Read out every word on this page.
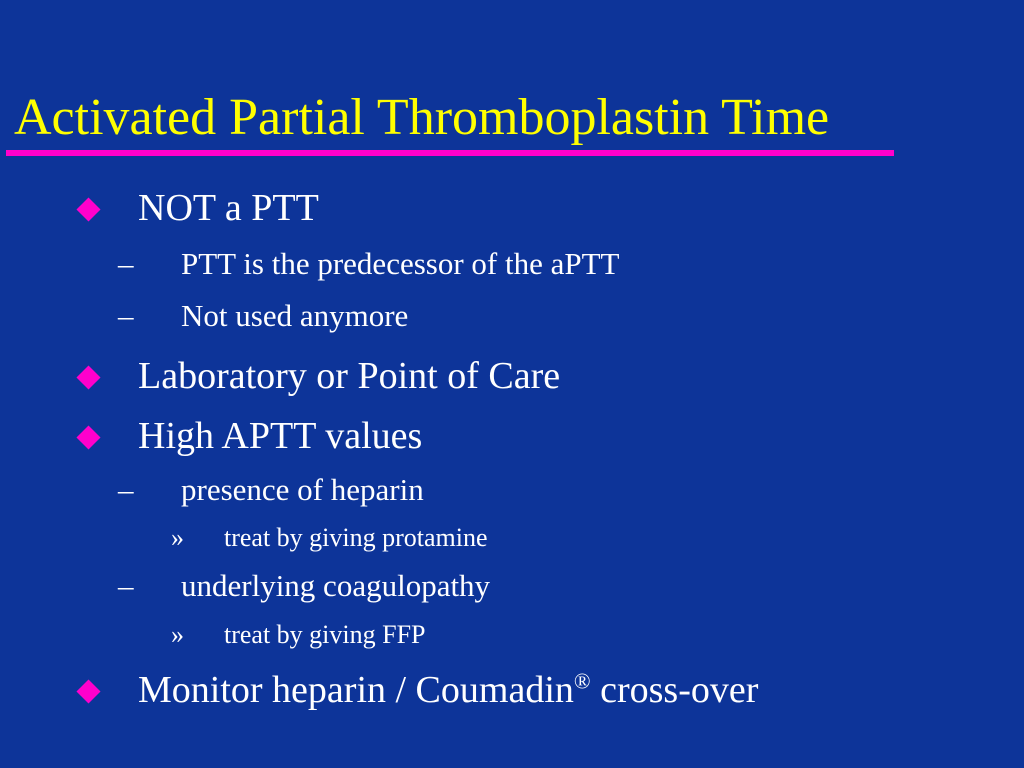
Activated Partial Thromboplastin Time
NOT a PTT
– PTT is the predecessor of the aPTT
– Not used anymore
Laboratory or Point of Care
High APTT values
– presence of heparin
» treat by giving protamine
– underlying coagulopathy
» treat by giving FFP
Monitor heparin / Coumadin® cross-over
